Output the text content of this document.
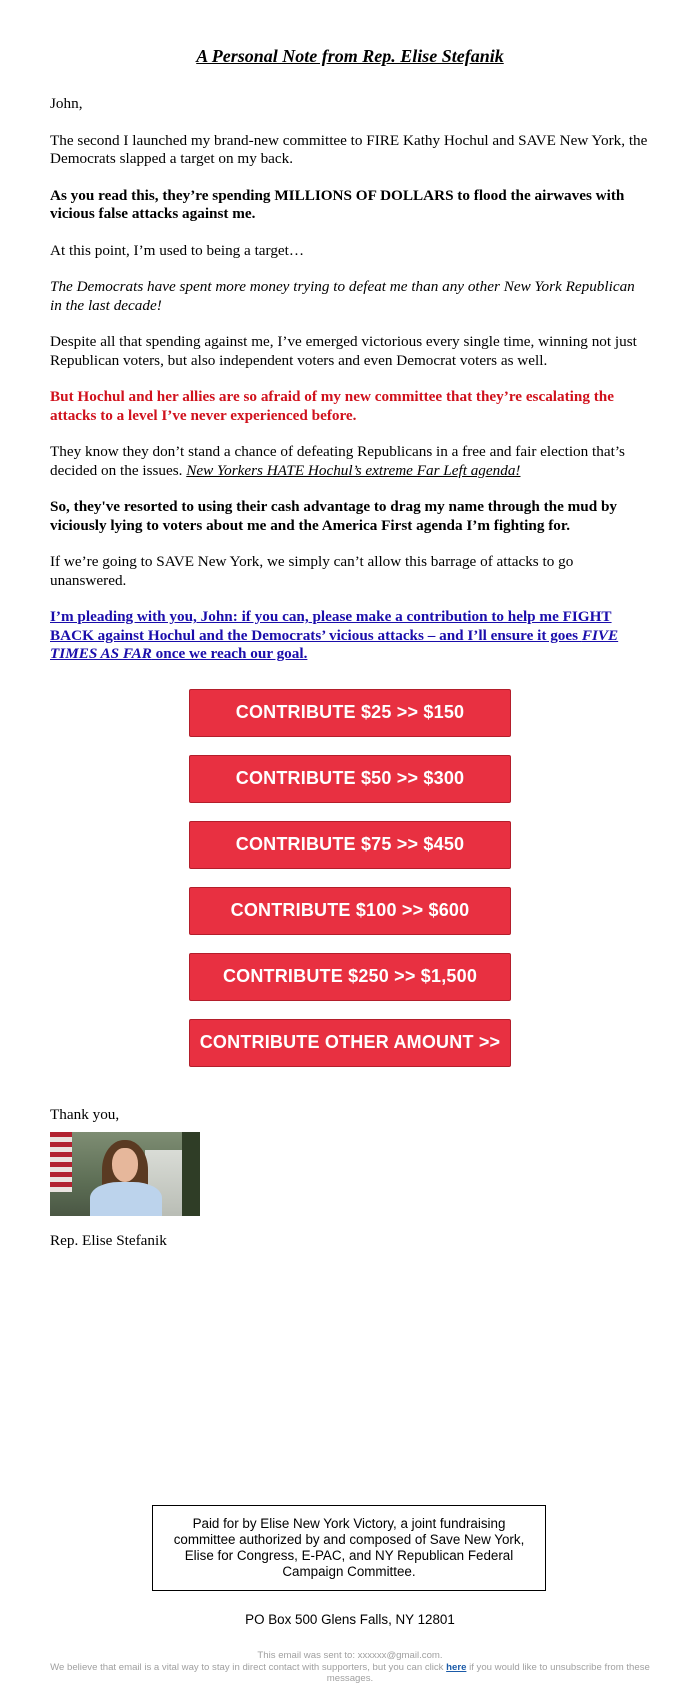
A Personal Note from Rep. Elise Stefanik

John,

The second I launched my brand-new committee to FIRE Kathy Hochul and SAVE New York, the Democrats slapped a target on my back.

As you read this, they’re spending MILLIONS OF DOLLARS to flood the airwaves with vicious false attacks against me.

At this point, I’m used to being a target…

The Democrats have spent more money trying to defeat me than any other New York Republican in the last decade!

Despite all that spending against me, I’ve emerged victorious every single time, winning not just Republican voters, but also independent voters and even Democrat voters as well.

But Hochul and her allies are so afraid of my new committee that they’re escalating the attacks to a level I’ve never experienced before.

They know they don’t stand a chance of defeating Republicans in a free and fair election that’s decided on the issues. New Yorkers HATE Hochul’s extreme Far Left agenda!

So, they've resorted to using their cash advantage to drag my name through the mud by viciously lying to voters about me and the America First agenda I’m fighting for.

If we’re going to SAVE New York, we simply can’t allow this barrage of attacks to go unanswered.

I’m pleading with you, John: if you can, please make a contribution to help me FIGHT BACK against Hochul and the Democrats’ vicious attacks – and I’ll ensure it goes FIVE TIMES AS FAR once we reach our goal.

CONTRIBUTE $25 >> $150
CONTRIBUTE $50 >> $300
CONTRIBUTE $75 >> $450
CONTRIBUTE $100 >> $600
CONTRIBUTE $250 >> $1,500
CONTRIBUTE OTHER AMOUNT >>

Thank you,

Rep. Elise Stefanik

Paid for by Elise New York Victory, a joint fundraising committee authorized by and composed of Save New York, Elise for Congress, E-PAC, and NY Republican Federal Campaign Committee.
PO Box 500 Glens Falls, NY 12801
This email was sent to: xxxxxx@gmail.com.
We believe that email is a vital way to stay in direct contact with supporters, but you can click here if you would like to unsubscribe from these messages.
